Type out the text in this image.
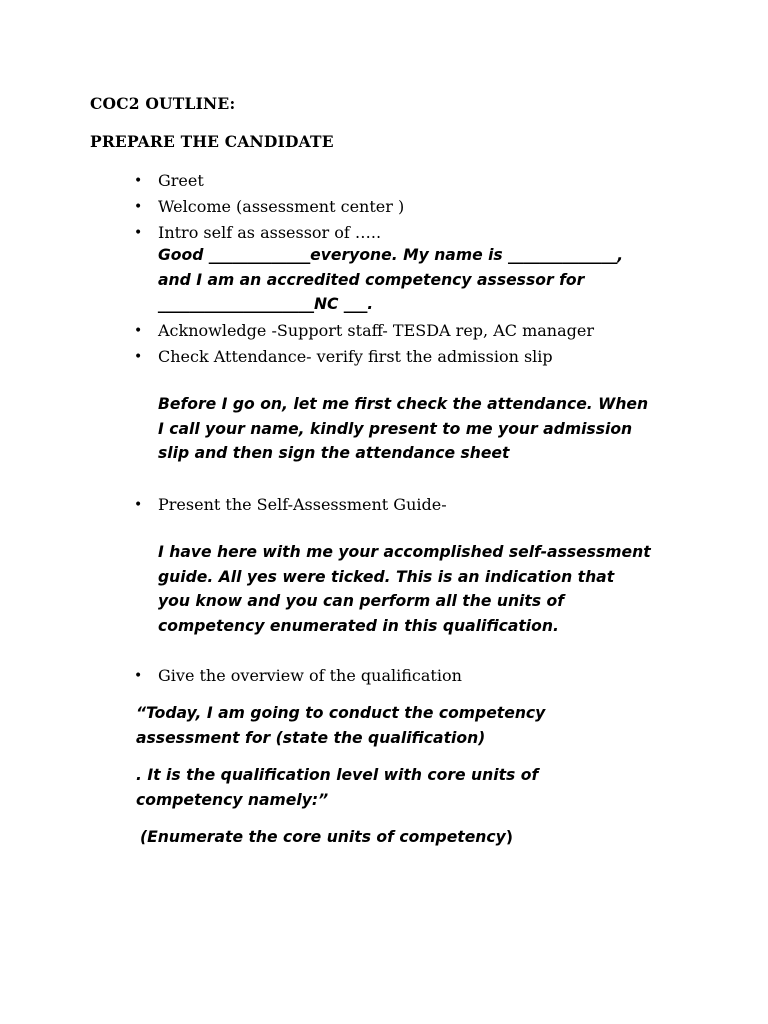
COC2 OUTLINE:
PREPARE THE CANDIDATE
• Greet
• Welcome (assessment center )
• Intro self as assessor of …..
Good _____________everyone. My name is ______________,
and I am an accredited competency assessor for
____________________NC ___.
• Acknowledge -Support staff- TESDA rep, AC manager
• Check Attendance- verify first the admission slip
Before I go on, let me first check the attendance. When
I call your name, kindly present to me your admission
slip and then sign the attendance sheet
• Present the Self-Assessment Guide-
I have here with me your accomplished self-assessment
guide. All yes were ticked. This is an indication that
you know and you can perform all the units of
competency enumerated in this qualification.
• Give the overview of the qualification
“Today, I am going to conduct the competency
assessment for (state the qualification)
. It is the qualification level with core units of
competency namely:”
(Enumerate the core units of competency)
